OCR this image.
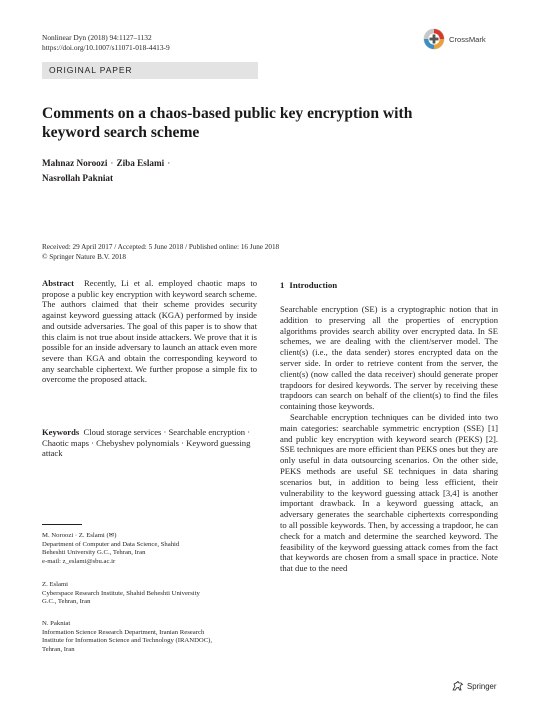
Nonlinear Dyn (2018) 94:1127–1132
https://doi.org/10.1007/s11071-018-4413-9
CrossMark
ORIGINAL PAPER
Comments on a chaos-based public key encryption with keyword search scheme
Mahnaz Noroozi · Ziba Eslami ·
Nasrollah Pakniat
Received: 29 April 2017 / Accepted: 5 June 2018 / Published online: 16 June 2018
© Springer Nature B.V. 2018
Abstract Recently, Li et al. employed chaotic maps to propose a public key encryption with keyword search scheme. The authors claimed that their scheme provides security against keyword guessing attack (KGA) performed by inside and outside adversaries. The goal of this paper is to show that this claim is not true about inside attackers. We prove that it is possible for an inside adversary to launch an attack even more severe than KGA and obtain the corresponding keyword to any searchable ciphertext. We further propose a simple fix to overcome the proposed attack.
Keywords Cloud storage services · Searchable encryption · Chaotic maps · Chebyshev polynomials · Keyword guessing attack
M. Noroozi · Z. Eslami (✉)
Department of Computer and Data Science, Shahid
Beheshti University G.C., Tehran, Iran
e-mail: z_eslami@sbu.ac.ir
Z. Eslami
Cyberspace Research Institute, Shahid Beheshti University
G.C., Tehran, Iran
N. Pakniat
Information Science Research Department, Iranian Research
Institute for Information Science and Technology (IRANDOC),
Tehran, Iran
1 Introduction

Searchable encryption (SE) is a cryptographic notion that in addition to preserving all the properties of encryption algorithms provides search ability over encrypted data. In SE schemes, we are dealing with the client/server model. The client(s) (i.e., the data sender) stores encrypted data on the server side. In order to retrieve content from the server, the client(s) (now called the data receiver) should generate proper trapdoors for desired keywords. The server by receiving these trapdoors can search on behalf of the client(s) to find the files containing those keywords.

Searchable encryption techniques can be divided into two main categories: searchable symmetric encryption (SSE) [1] and public key encryption with keyword search (PEKS) [2]. SSE techniques are more efficient than PEKS ones but they are only useful in data outsourcing scenarios. On the other side, PEKS methods are useful SE techniques in data sharing scenarios but, in addition to being less efficient, their vulnerability to the keyword guessing attack [3,4] is another important drawback. In a keyword guessing attack, an adversary generates the searchable ciphertexts corresponding to all possible keywords. Then, by accessing a trapdoor, he can check for a match and determine the searched keyword. The feasibility of the keyword guessing attack comes from the fact that keywords are chosen from a small space in practice. Note that due to the need

Springer
